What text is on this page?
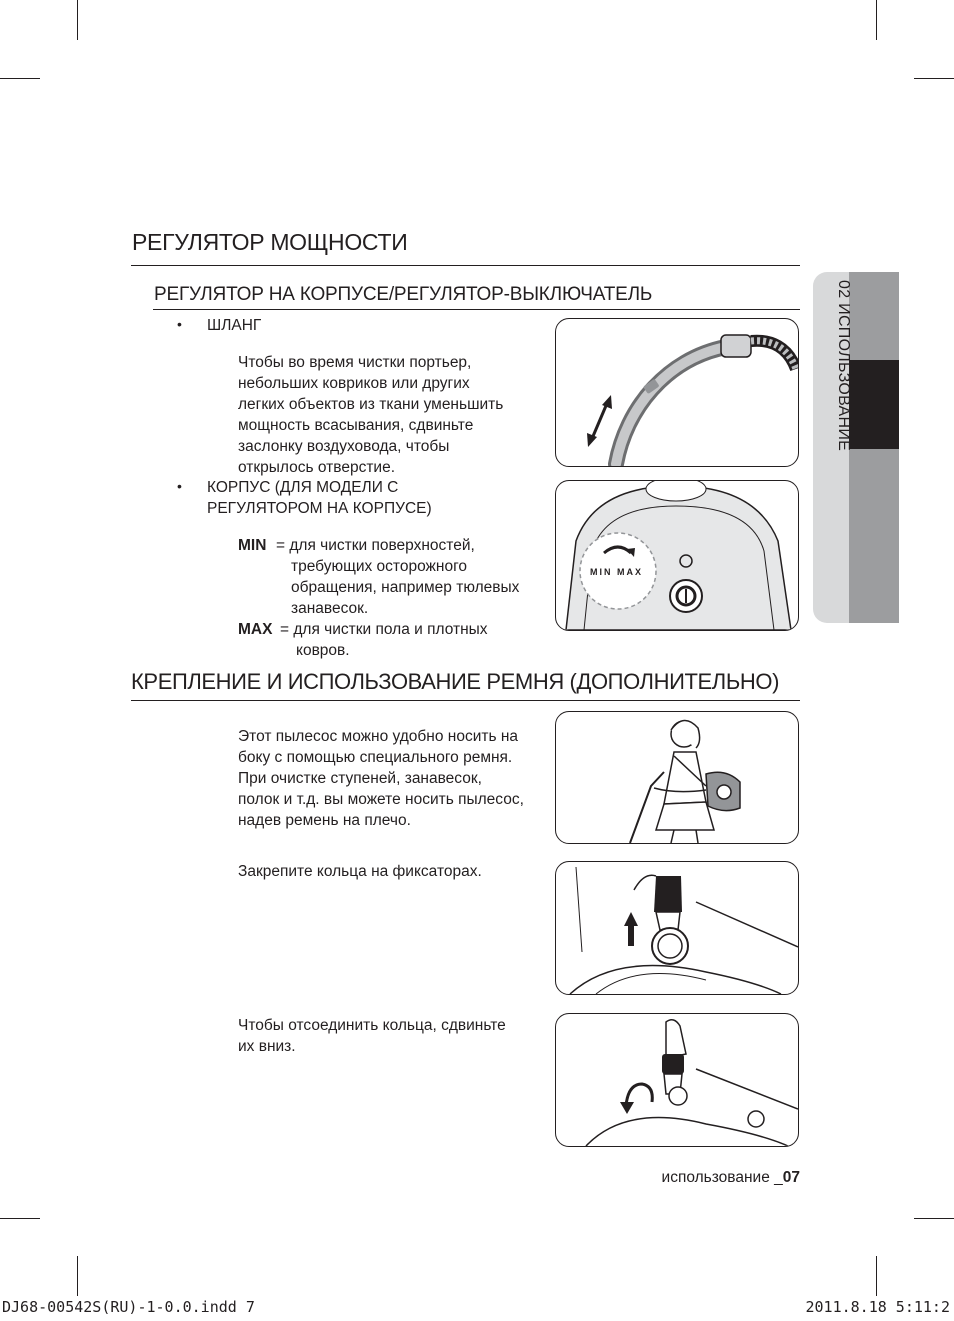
02 ИСПОЛЬЗОВАНИЕ
РЕГУЛЯТОР МОЩНОСТИ
РЕГУЛЯТОР НА КОРПУСЕ/РЕГУЛЯТОР-ВЫКЛЮЧАТЕЛЬ
• ШЛАНГ
Чтобы во время чистки портьер,
небольших ковриков или других
легких объектов из ткани уменьшить
мощность всасывания, сдвиньте
заслонку воздуховода, чтобы
открылось отверстие.
• КОРПУС (ДЛЯ МОДЕЛИ С
РЕГУЛЯТОРОМ НА КОРПУСЕ)
MIN = для чистки поверхностей,
требующих осторожного
обращения, например тюлевых
занавесок.
MAX = для чистки пола и плотных
ковров.
MIN MAX
КРЕПЛЕНИЕ И ИСПОЛЬЗОВАНИЕ РЕМНЯ (ДОПОЛНИТЕЛЬНО)
Этот пылесос можно удобно носить на
боку с помощью специального ремня.
При очистке ступеней, занавесок,
полок и т.д. вы можете носить пылесос,
надев ремень на плечо.
Закрепите кольца на фиксаторах.
Чтобы отсоединить кольца, сдвиньте
их вниз.
использование _07
DJ68-00542S(RU)-1-0.0.indd 7	2011.8.18 5:11:2
